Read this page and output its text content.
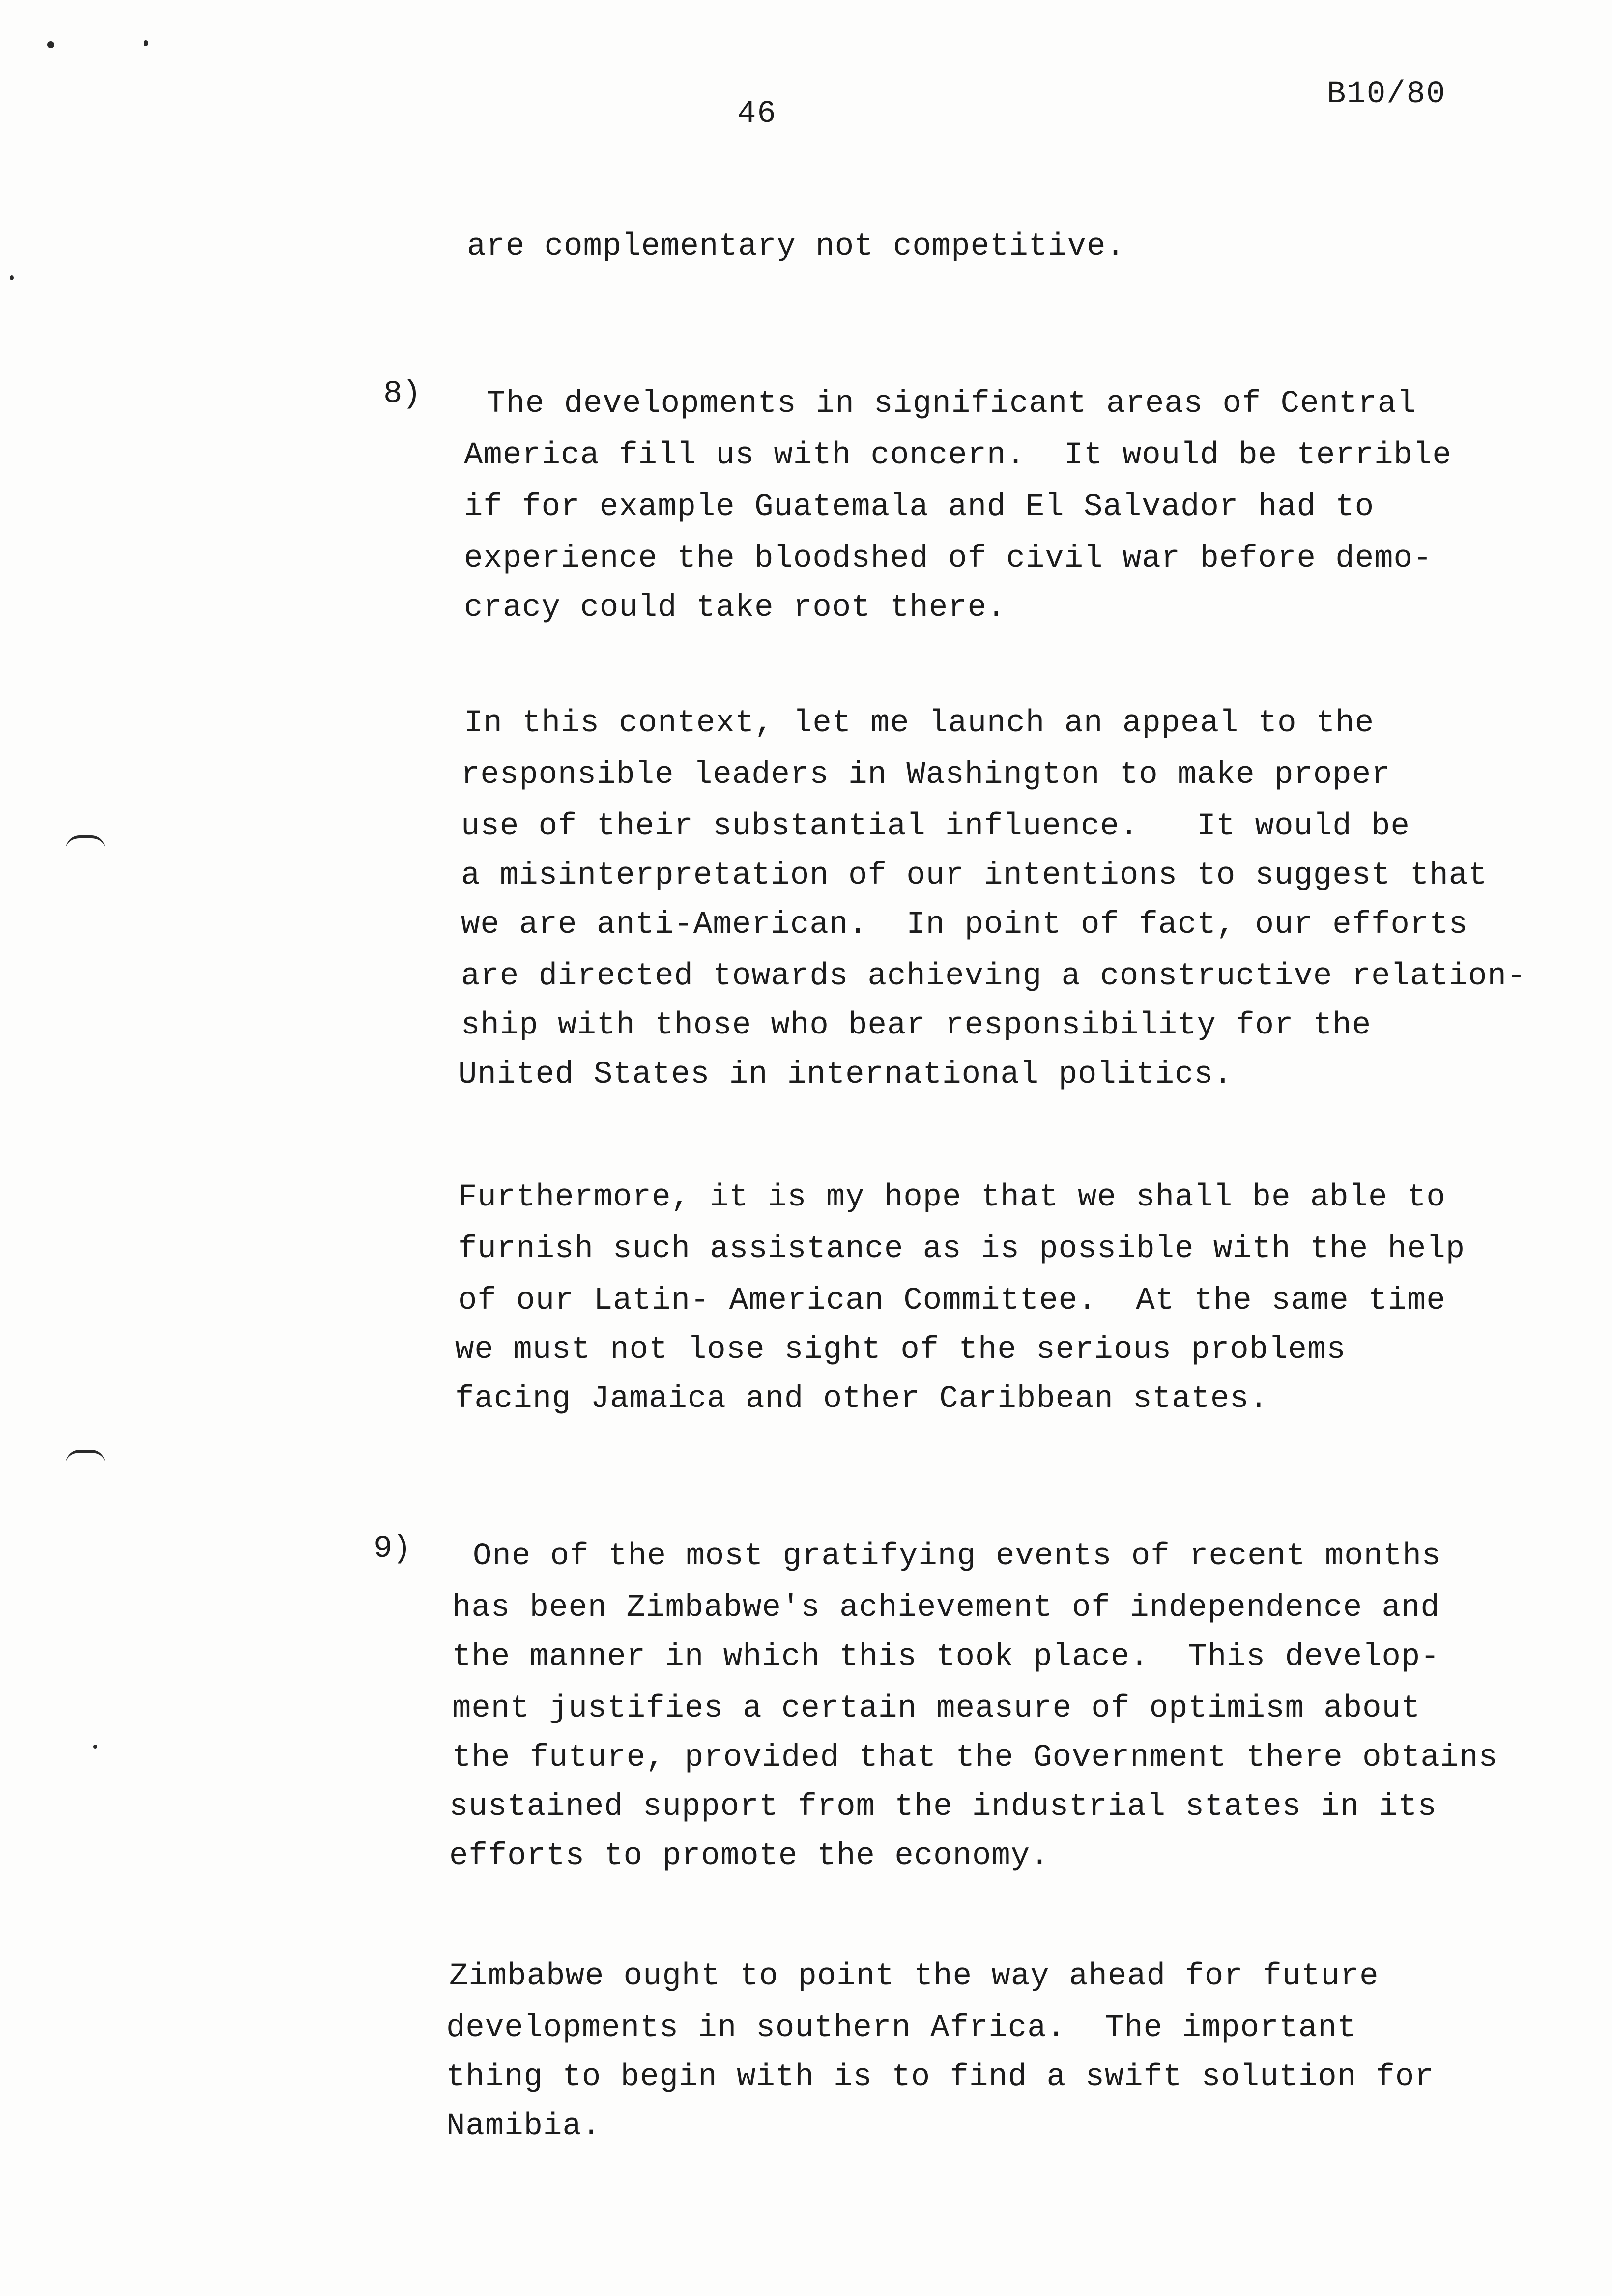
46
B10/80
are complementary not competitive.
8) The developments in significant areas of Central
America fill us with concern.  It would be terrible
if for example Guatemala and El Salvador had to
experience the bloodshed of civil war before demo-
cracy could take root there.
In this context, let me launch an appeal to the
responsible leaders in Washington to make proper
use of their substantial influence.   It would be
a misinterpretation of our intentions to suggest that
we are anti-American.  In point of fact, our efforts
are directed towards achieving a constructive relation-
ship with those who bear responsibility for the
United States in international politics.
Furthermore, it is my hope that we shall be able to
furnish such assistance as is possible with the help
of our Latin- American Committee.  At the same time
we must not lose sight of the serious problems
facing Jamaica and other Caribbean states.
9) One of the most gratifying events of recent months
has been Zimbabwe's achievement of independence and
the manner in which this took place.  This develop-
ment justifies a certain measure of optimism about
the future, provided that the Government there obtains
sustained support from the industrial states in its
efforts to promote the economy.
Zimbabwe ought to point the way ahead for future
developments in southern Africa.  The important
thing to begin with is to find a swift solution for
Namibia.
